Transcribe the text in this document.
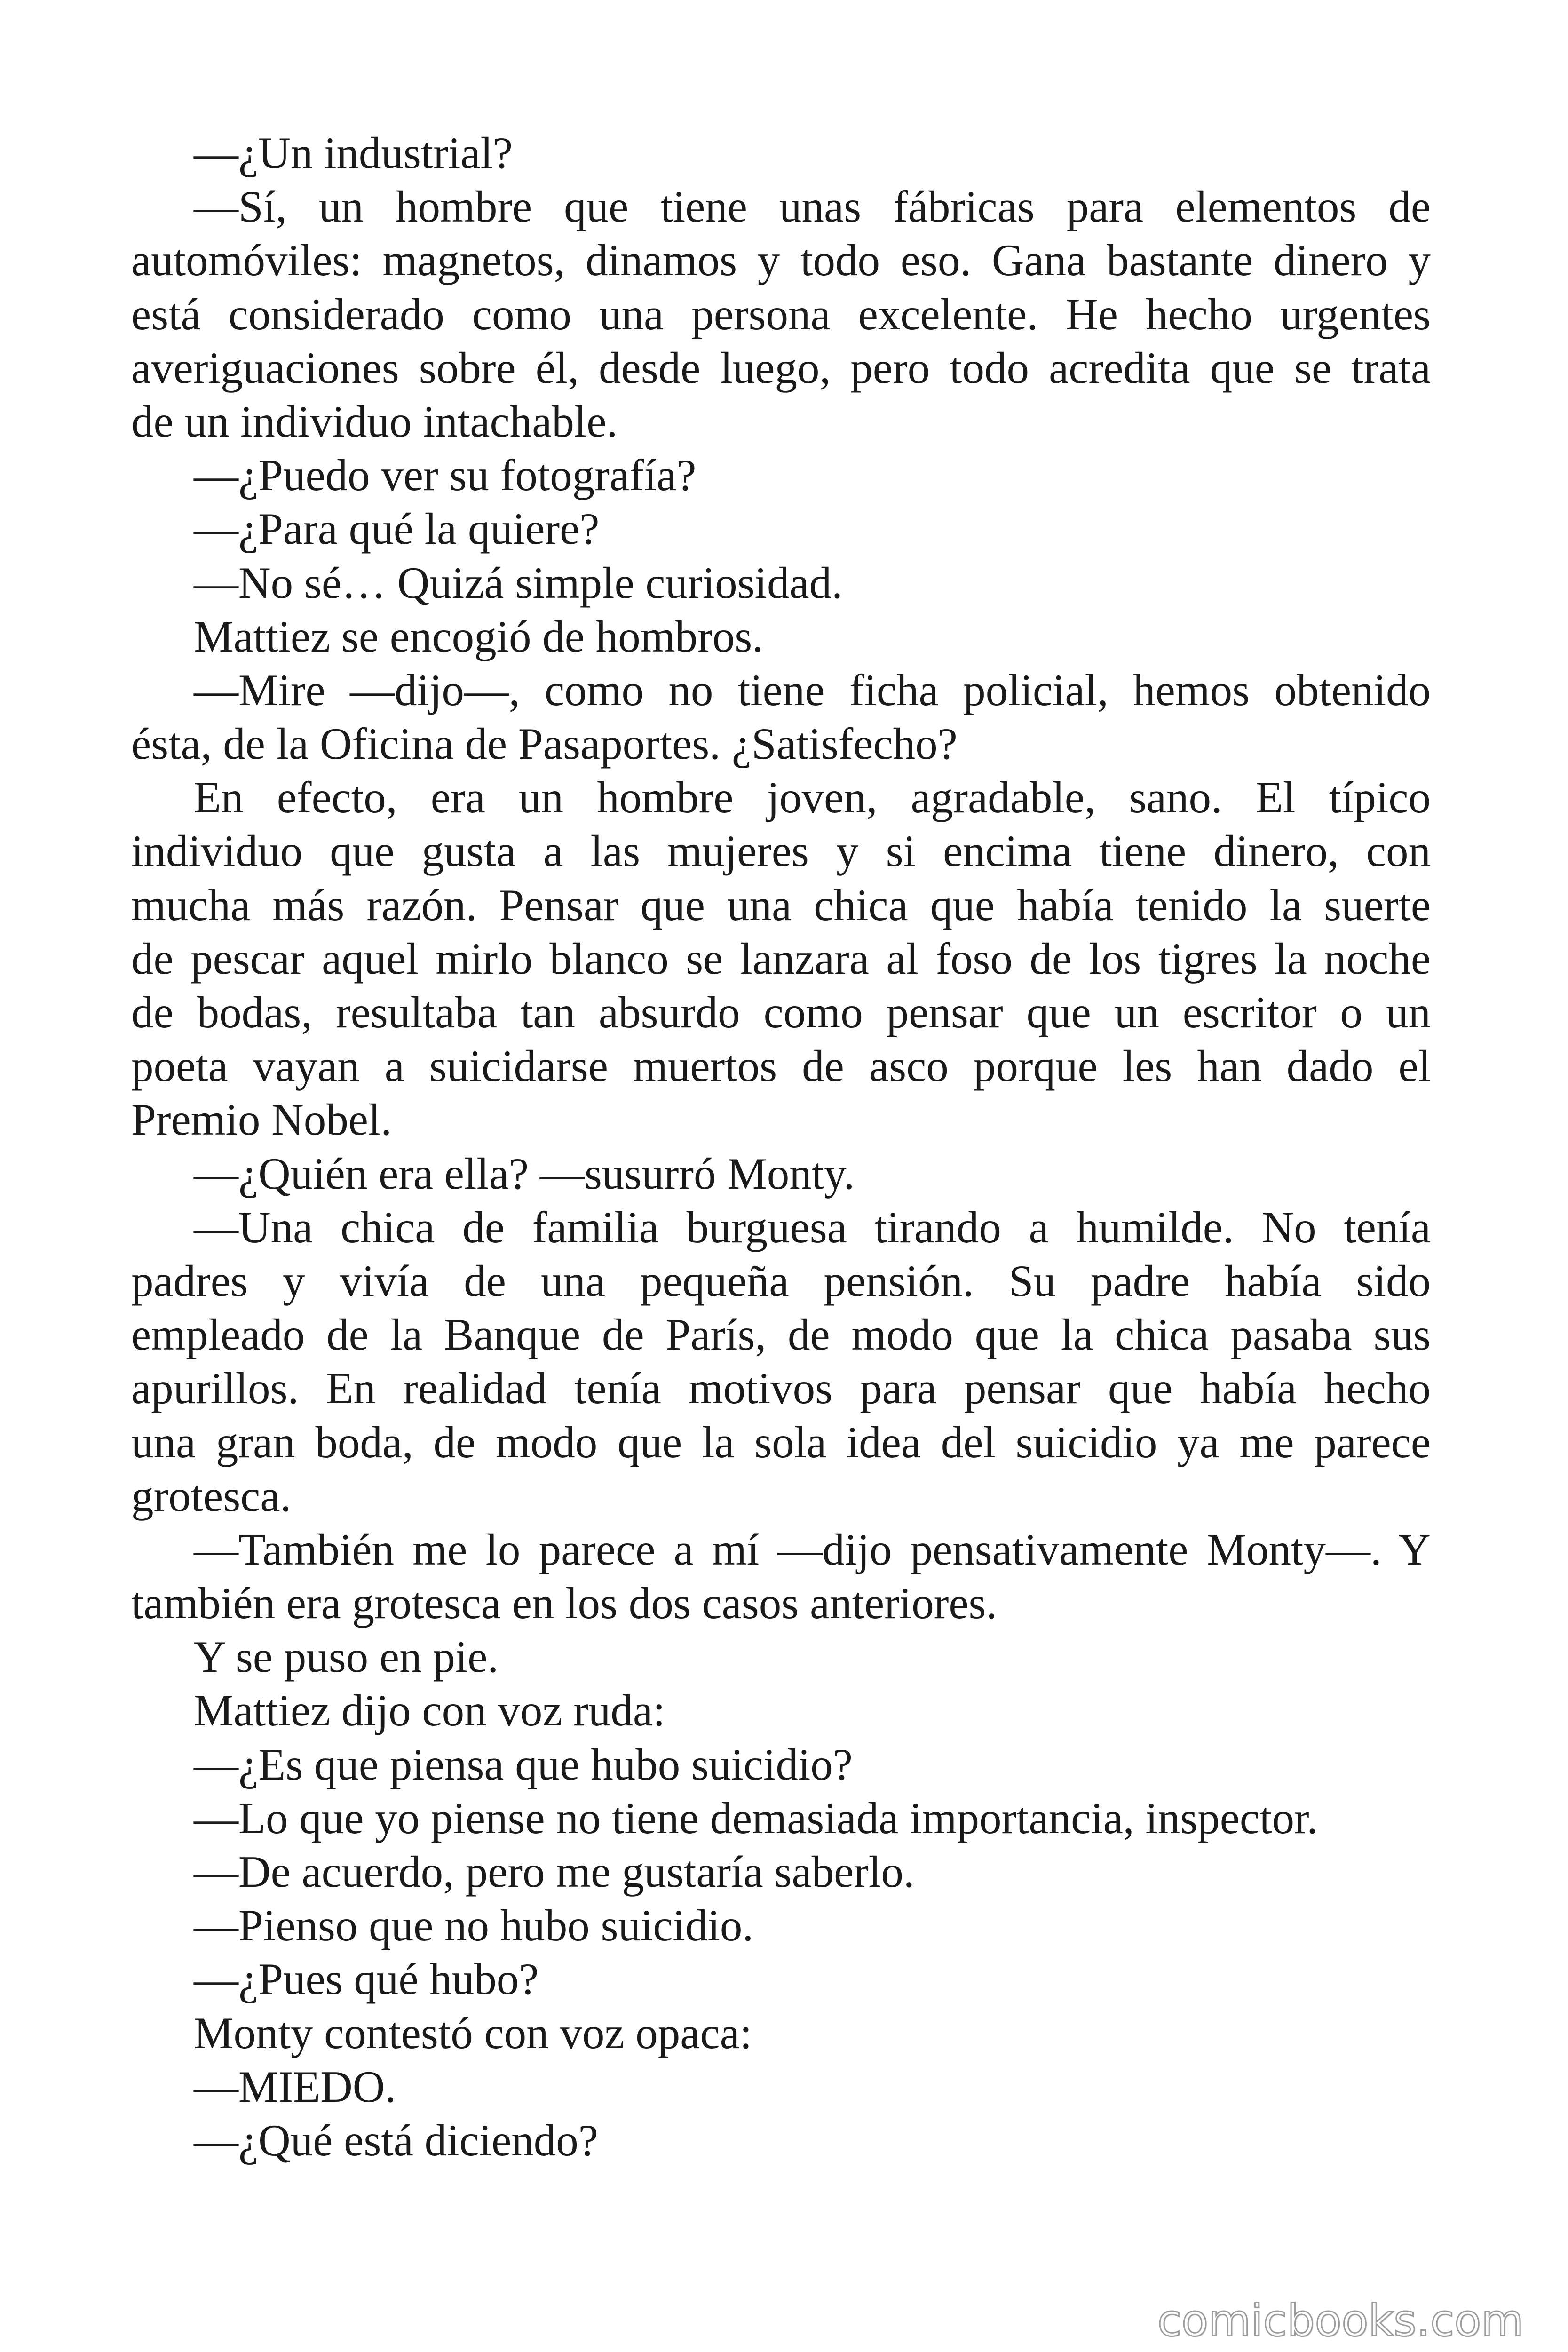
—¿Un industrial?
—Sí, un hombre que tiene unas fábricas para elementos de
automóviles: magnetos, dinamos y todo eso. Gana bastante dinero y
está considerado como una persona excelente. He hecho urgentes
averiguaciones sobre él, desde luego, pero todo acredita que se trata
de un individuo intachable.
—¿Puedo ver su fotografía?
—¿Para qué la quiere?
—No sé… Quizá simple curiosidad.
Mattiez se encogió de hombros.
—Mire —dijo—, como no tiene ficha policial, hemos obtenido
ésta, de la Oficina de Pasaportes. ¿Satisfecho?
En efecto, era un hombre joven, agradable, sano. El típico
individuo que gusta a las mujeres y si encima tiene dinero, con
mucha más razón. Pensar que una chica que había tenido la suerte
de pescar aquel mirlo blanco se lanzara al foso de los tigres la noche
de bodas, resultaba tan absurdo como pensar que un escritor o un
poeta vayan a suicidarse muertos de asco porque les han dado el
Premio Nobel.
—¿Quién era ella? —susurró Monty.
—Una chica de familia burguesa tirando a humilde. No tenía
padres y vivía de una pequeña pensión. Su padre había sido
empleado de la Banque de París, de modo que la chica pasaba sus
apurillos. En realidad tenía motivos para pensar que había hecho
una gran boda, de modo que la sola idea del suicidio ya me parece
grotesca.
—También me lo parece a mí —dijo pensativamente Monty—. Y
también era grotesca en los dos casos anteriores.
Y se puso en pie.
Mattiez dijo con voz ruda:
—¿Es que piensa que hubo suicidio?
—Lo que yo piense no tiene demasiada importancia, inspector.
—De acuerdo, pero me gustaría saberlo.
—Pienso que no hubo suicidio.
—¿Pues qué hubo?
Monty contestó con voz opaca:
—MIEDO.
—¿Qué está diciendo?
comicbooks.com
